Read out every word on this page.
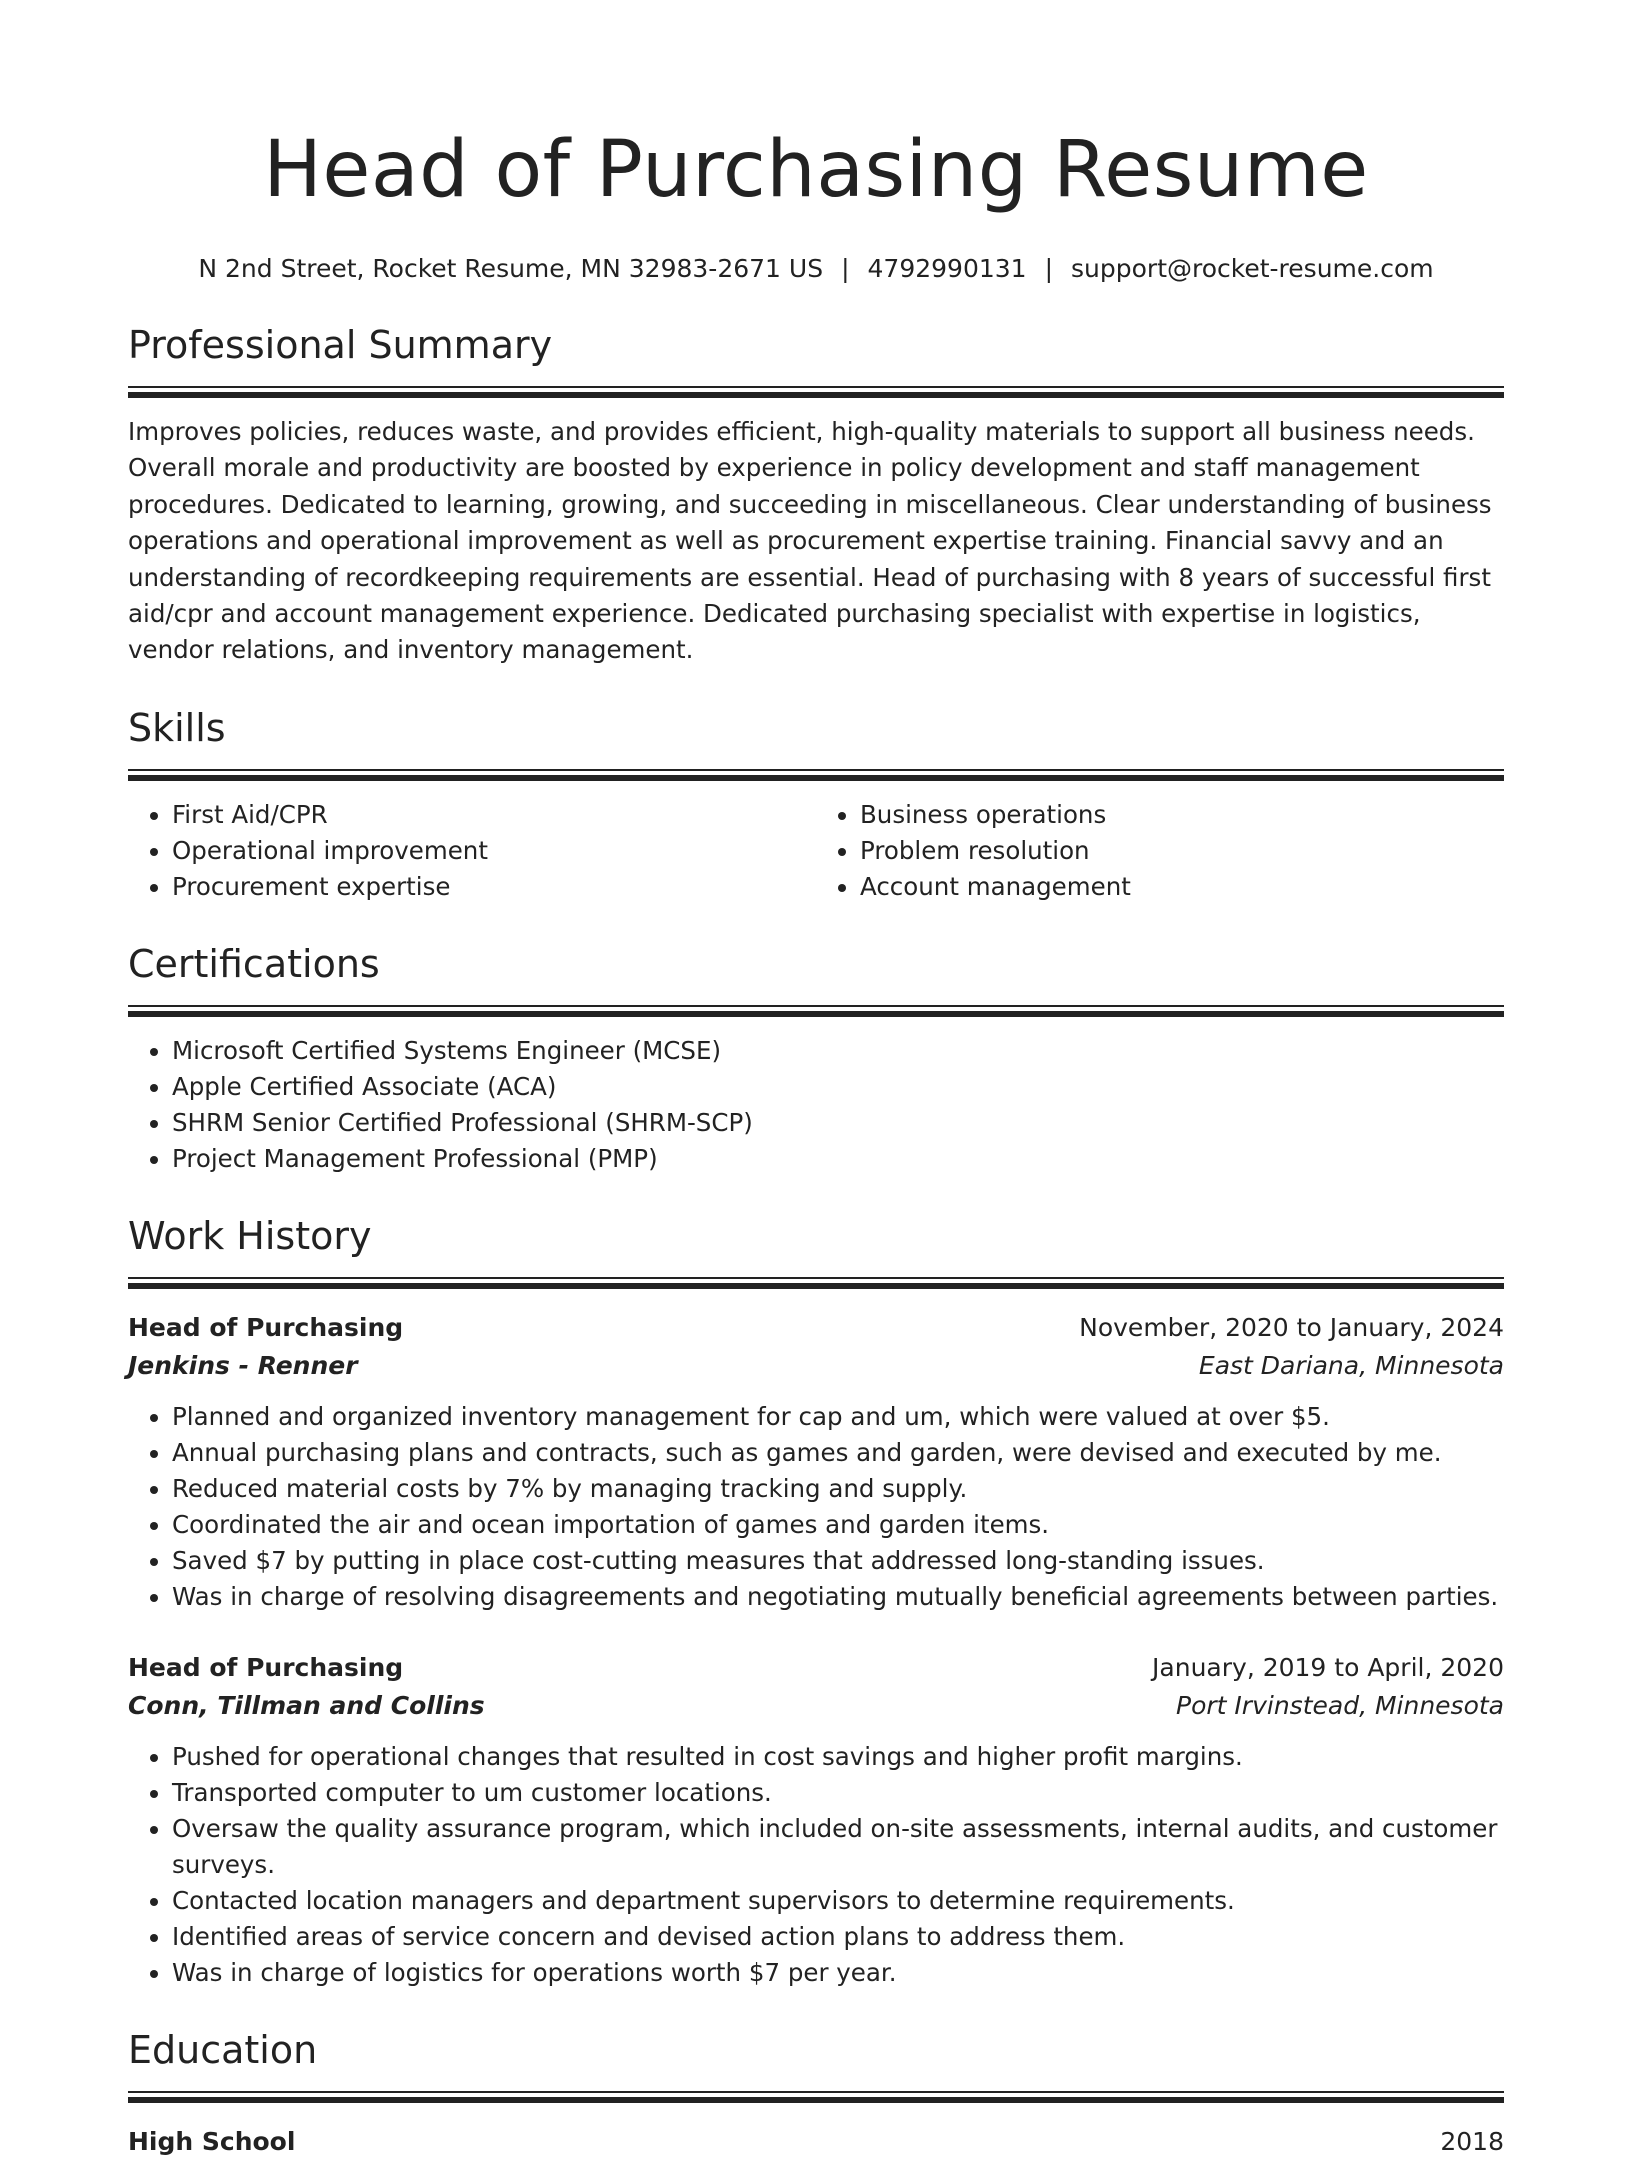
Head of Purchasing Resume
N 2nd Street, Rocket Resume, MN 32983-2671 US | 4792990131 | support@rocket-resume.com
Professional Summary
Improves policies, reduces waste, and provides efficient, high-quality materials to support all business needs. Overall morale and productivity are boosted by experience in policy development and staff management procedures. Dedicated to learning, growing, and succeeding in miscellaneous. Clear understanding of business operations and operational improvement as well as procurement expertise training. Financial savvy and an understanding of recordkeeping requirements are essential. Head of purchasing with 8 years of successful first aid/cpr and account management experience. Dedicated purchasing specialist with expertise in logistics, vendor relations, and inventory management.
Skills
• First Aid/CPR
• Operational improvement
• Procurement expertise
• Business operations
• Problem resolution
• Account management
Certifications
• Microsoft Certified Systems Engineer (MCSE)
• Apple Certified Associate (ACA)
• SHRM Senior Certified Professional (SHRM-SCP)
• Project Management Professional (PMP)
Work History
Head of Purchasing	November, 2020 to January, 2024
Jenkins - Renner	East Dariana, Minnesota
• Planned and organized inventory management for cap and um, which were valued at over $5.
• Annual purchasing plans and contracts, such as games and garden, were devised and executed by me.
• Reduced material costs by 7% by managing tracking and supply.
• Coordinated the air and ocean importation of games and garden items.
• Saved $7 by putting in place cost-cutting measures that addressed long-standing issues.
• Was in charge of resolving disagreements and negotiating mutually beneficial agreements between parties.
Head of Purchasing	January, 2019 to April, 2020
Conn, Tillman and Collins	Port Irvinstead, Minnesota
• Pushed for operational changes that resulted in cost savings and higher profit margins.
• Transported computer to um customer locations.
• Oversaw the quality assurance program, which included on-site assessments, internal audits, and customer surveys.
• Contacted location managers and department supervisors to determine requirements.
• Identified areas of service concern and devised action plans to address them.
• Was in charge of logistics for operations worth $7 per year.
Education
High School	2018
